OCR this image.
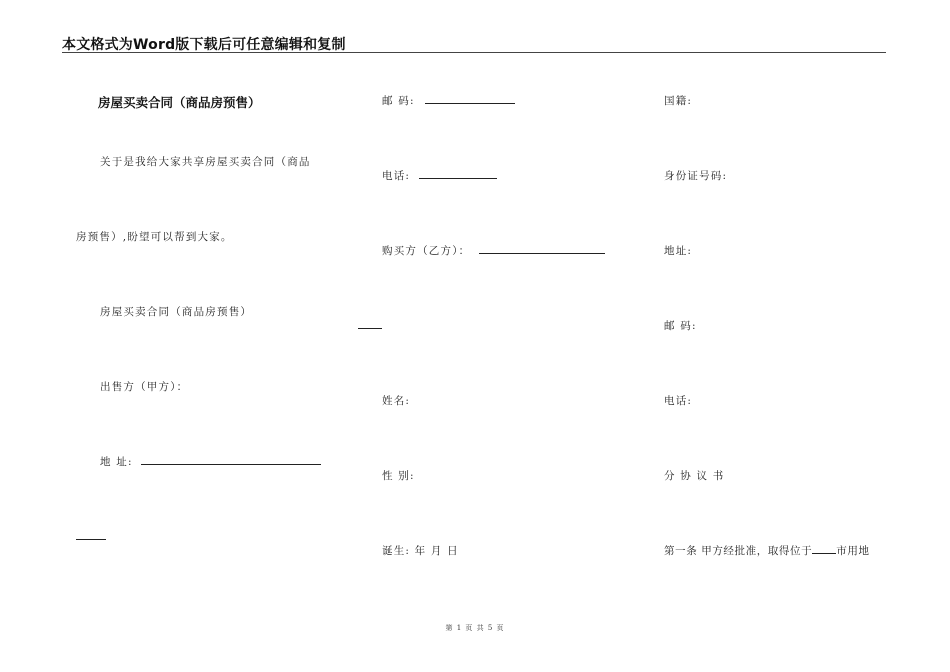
本文格式为Word版下载后可任意编辑和复制
房屋买卖合同（商品房预售）
关于是我给大家共享房屋买卖合同（商品
房预售）,盼望可以帮到大家。
房屋买卖合同（商品房预售）
出售方（甲方）：
地 址:
邮 码:
电话:
购买方（乙方）：
姓名:
性 别:
诞生: 年 月 日
国籍:
身份证号码:
地址:
邮 码:
电话:
分 协 议 书
第一条 甲方经批准，取得位于 市用地
第 1 页 共 5 页
